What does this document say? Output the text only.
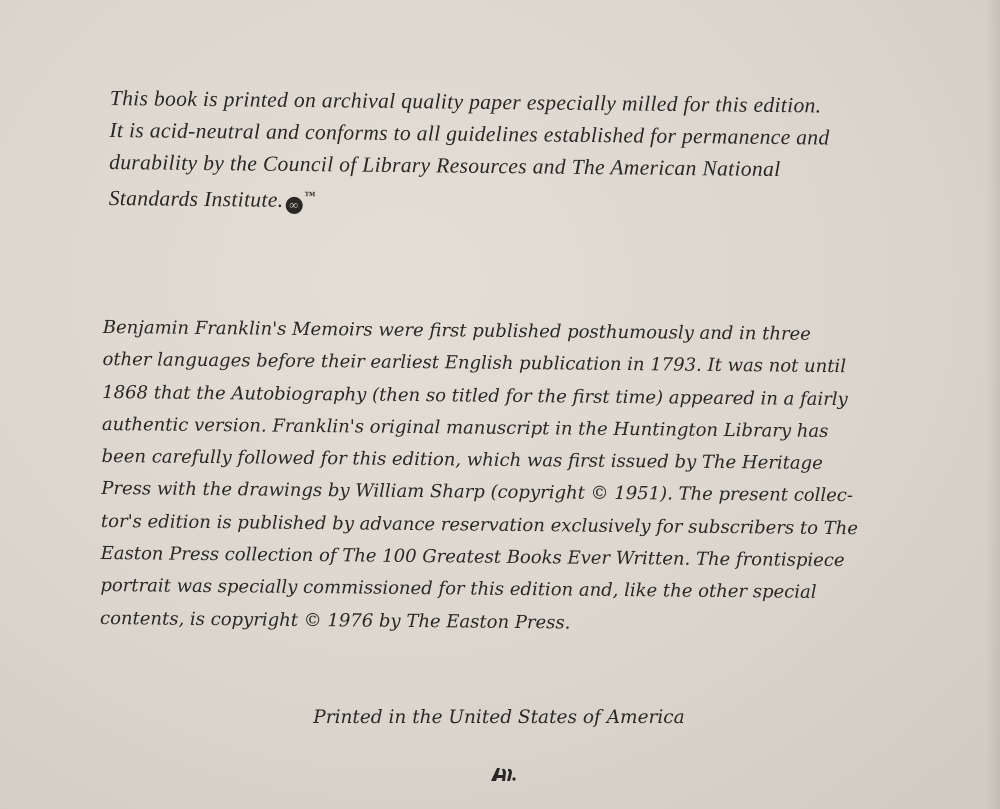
This book is printed on archival quality paper especially milled for this edition.
It is acid-neutral and conforms to all guidelines established for permanence and
durability by the Council of Library Resources and The American National
Standards Institute. ∞™

Benjamin Franklin's Memoirs were first published posthumously and in three
other languages before their earliest English publication in 1793. It was not until
1868 that the Autobiography (then so titled for the first time) appeared in a fairly
authentic version. Franklin's original manuscript in the Huntington Library has
been carefully followed for this edition, which was first issued by The Heritage
Press with the drawings by William Sharp (copyright © 1951). The present collec-
tor's edition is published by advance reservation exclusively for subscribers to The
Easton Press collection of The 100 Greatest Books Ever Written. The frontispiece
portrait was specially commissioned for this edition and, like the other special
contents, is copyright © 1976 by The Easton Press.

Printed in the United States of America
